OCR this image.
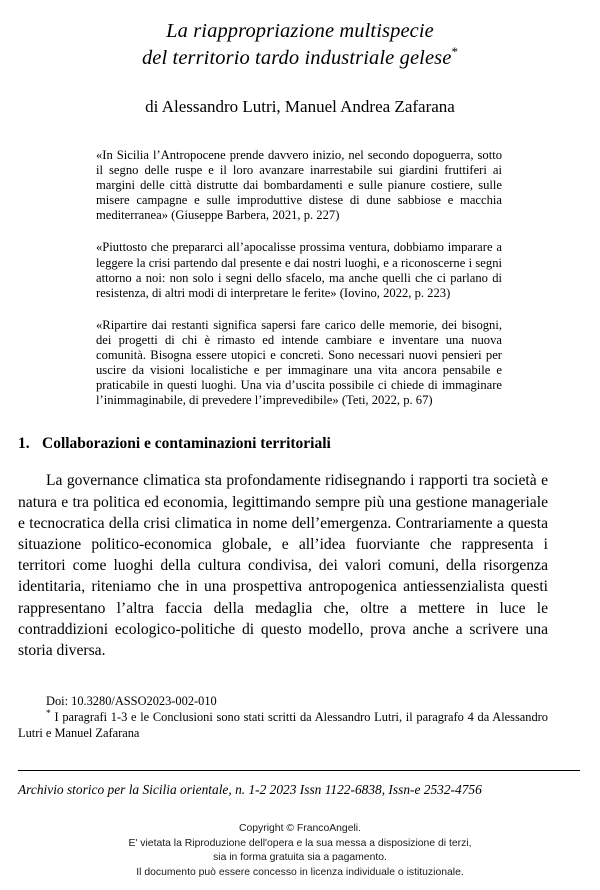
La riappropriazione multispecie
del territorio tardo industriale gelese*
di Alessandro Lutri, Manuel Andrea Zafarana
«In Sicilia l’Antropocene prende davvero inizio, nel secondo dopoguerra, sotto il segno delle ruspe e il loro avanzare inarrestabile sui giardini fruttiferi ai margini delle città distrutte dai bombardamenti e sulle pianure costiere, sulle misere campagne e sulle improduttive distese di dune sabbiose e macchia mediterranea» (Giuseppe Barbera, 2021, p. 227)
«Piuttosto che prepararci all’apocalisse prossima ventura, dobbiamo imparare a leggere la crisi partendo dal presente e dai nostri luoghi, e a riconoscerne i segni attorno a noi: non solo i segni dello sfacelo, ma anche quelli che ci parlano di resistenza, di altri modi di interpretare le ferite» (Iovino, 2022, p. 223)
«Ripartire dai restanti significa sapersi fare carico delle memorie, dei bisogni, dei progetti di chi è rimasto ed intende cambiare e inventare una nuova comunità. Bisogna essere utopici e concreti. Sono necessari nuovi pensieri per uscire da visioni localistiche e per immaginare una vita ancora pensabile e praticabile in questi luoghi. Una via d’uscita possibile ci chiede di immaginare l’inimmaginabile, di prevedere l’imprevedibile» (Teti, 2022, p. 67)
1. Collaborazioni e contaminazioni territoriali
La governance climatica sta profondamente ridisegnando i rapporti tra società e natura e tra politica ed economia, legittimando sempre più una gestione manageriale e tecnocratica della crisi climatica in nome dell’emergenza. Contrariamente a questa situazione politico-economica globale, e all’idea fuorviante che rappresenta i territori come luoghi della cultura condivisa, dei valori comuni, della risorgenza identitaria, riteniamo che in una prospettiva antropogenica antiessenzialista questi rappresentano l’altra faccia della medaglia che, oltre a mettere in luce le contraddizioni ecologico-politiche di questo modello, prova anche a scrivere una storia diversa.
Doi: 10.3280/ASSO2023-002-010
* I paragrafi 1-3 e le Conclusioni sono stati scritti da Alessandro Lutri, il paragrafo 4 da Alessandro Lutri e Manuel Zafarana
Archivio storico per la Sicilia orientale, n. 1-2 2023 Issn 1122-6838, Issn-e 2532-4756
Copyright © FrancoAngeli.
E' vietata la Riproduzione dell'opera e la sua messa a disposizione di terzi,
sia in forma gratuita sia a pagamento.
Il documento può essere concesso in licenza individuale o istituzionale.
